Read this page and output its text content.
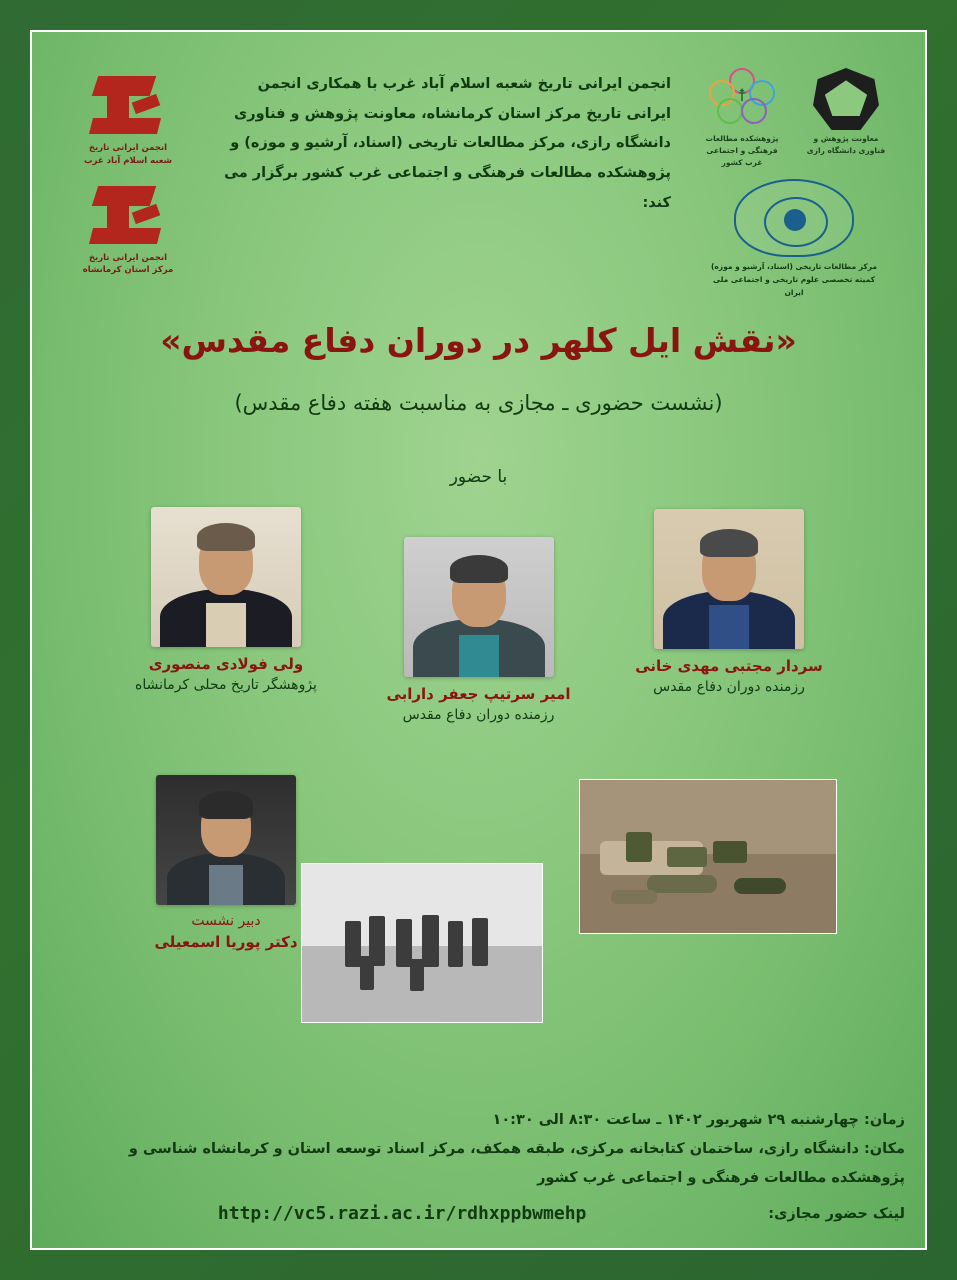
انجمن ایرانی تاریخ
شعبه اسلام آباد غرب
انجمن ایرانی تاریخ
مرکز استان کرمانشاه
انجمن ایرانی تاریخ شعبه اسلام آباد غرب با همکاری انجمن ایرانی تاریخ مرکز استان کرمانشاه، معاونت پژوهش و فناوری دانشگاه رازی، مرکز مطالعات تاریخی (اسناد، آرشیو و موزه) و پژوهشکده مطالعات فرهنگی و اجتماعی غرب کشور برگزار می کند:
معاونت پژوهش و فناوری دانشگاه رازی
☨
پژوهشکده مطالعات فرهنگی و اجتماعی غرب کشور
مرکز مطالعات تاریخی (اسناد، آرشیو و موزه) کمیته تخصصی علوم تاریخی و اجتماعی ملی ایران
«نقش ایل کلهر در دوران دفاع مقدس»
(نشست حضوری ـ مجازی به مناسبت هفته دفاع مقدس)
با حضور
سردار مجتبی مهدی خانی
رزمنده دوران دفاع مقدس
امیر سرتیپ جعفر دارابی
رزمنده دوران دفاع مقدس
ولی فولادی منصوری
پژوهشگر تاریخ محلی کرمانشاه
دبیر نشست
دکتر پوریا اسمعیلی
زمان: چهارشنبه ۲۹ شهریور ۱۴۰۲ ـ ساعت ۸:۳۰ الی ۱۰:۳۰
مکان: دانشگاه رازی، ساختمان کتابخانه مرکزی، طبقه همکف، مرکز اسناد توسعه استان و کرمانشاه شناسی و پژوهشکده مطالعات فرهنگی و اجتماعی غرب کشور
لینک حضور مجازی:
http://vc5.razi.ac.ir/rdhxppbwmehp
